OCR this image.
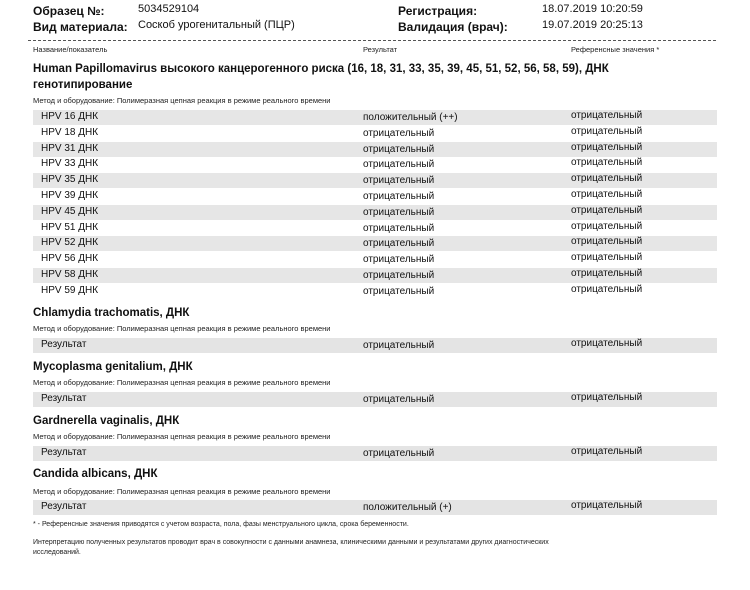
Образец №:	5034529104
Вид материала: Соскоб урогенитальный (ПЦР)
Регистрация:	18.07.2019 10:20:59
Валидация (врач):	19.07.2019 20:25:13
Название/показатель	Результат	Референсные значения *
Human Papillomavirus высокого канцерогенного риска (16, 18, 31, 33, 35, 39, 45, 51, 52, 56, 58, 59), ДНК генотипирование
Метод и оборудование: Полимеразная цепная реакция в режиме реального времени
HPV 16 ДНК	положительный (++)	отрицательный
HPV 18 ДНК	отрицательный	отрицательный
HPV 31 ДНК	отрицательный	отрицательный
HPV 33 ДНК	отрицательный	отрицательный
HPV 35 ДНК	отрицательный	отрицательный
HPV 39 ДНК	отрицательный	отрицательный
HPV 45 ДНК	отрицательный	отрицательный
HPV 51 ДНК	отрицательный	отрицательный
HPV 52 ДНК	отрицательный	отрицательный
HPV 56 ДНК	отрицательный	отрицательный
HPV 58 ДНК	отрицательный	отрицательный
HPV 59 ДНК	отрицательный	отрицательный
Chlamydia trachomatis, ДНК
Метод и оборудование: Полимеразная цепная реакция в режиме реального времени
Результат	отрицательный	отрицательный
Mycoplasma genitalium, ДНК
Метод и оборудование: Полимеразная цепная реакция в режиме реального времени
Результат	отрицательный	отрицательный
Gardnerella vaginalis, ДНК
Метод и оборудование: Полимеразная цепная реакция в режиме реального времени
Результат	отрицательный	отрицательный
Candida albicans, ДНК
Метод и оборудование: Полимеразная цепная реакция в режиме реального времени
Результат	положительный (+)	отрицательный
* - Референсные значения приводятся с учетом возраста, пола, фазы менструального цикла, срока беременности.
Интерпретацию полученных результатов проводит врач в совокупности с данными анамнеза, клиническими данными и результатами других диагностических исследований.
